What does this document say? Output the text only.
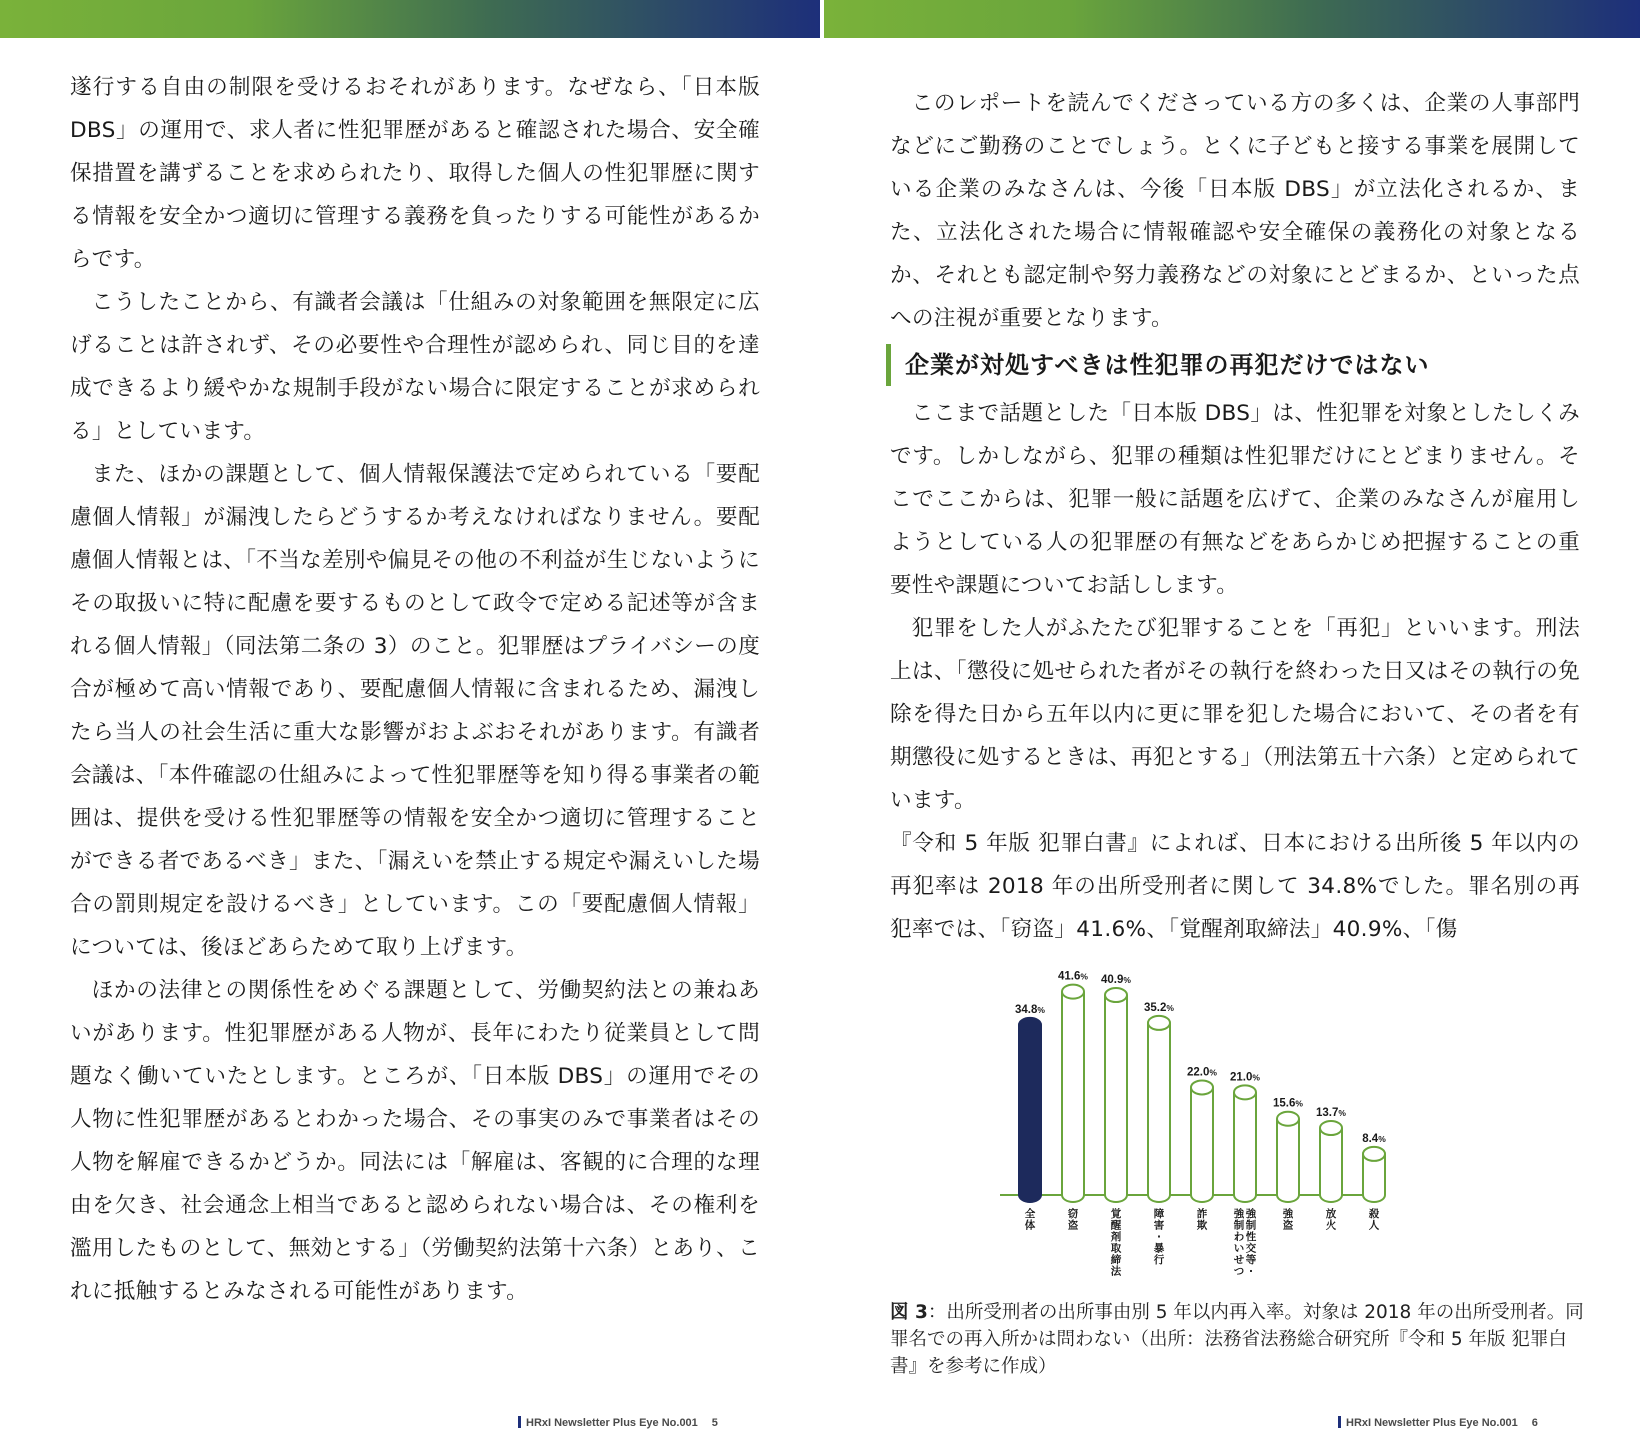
遂行する自由の制限を受けるおそれがあります。なぜなら、「日本版 DBS」の運用で、求人者に性犯罪歴があると確認された場合、安全確保措置を講ずることを求められたり、取得した個人の性犯罪歴に関する情報を安全かつ適切に管理する義務を負ったりする可能性があるからです。

こうしたことから、有識者会議は「仕組みの対象範囲を無限定に広げることは許されず、その必要性や合理性が認められ、同じ目的を達成できるより緩やかな規制手段がない場合に限定することが求められる」としています。

また、ほかの課題として、個人情報保護法で定められている「要配慮個人情報」が漏洩したらどうするか考えなければなりません。要配慮個人情報とは、「不当な差別や偏見その他の不利益が生じないようにその取扱いに特に配慮を要するものとして政令で定める記述等が含まれる個人情報」（同法第二条の 3）のこと。犯罪歴はプライバシーの度合が極めて高い情報であり、要配慮個人情報に含まれるため、漏洩したら当人の社会生活に重大な影響がおよぶおそれがあります。有識者会議は、「本件確認の仕組みによって性犯罪歴等を知り得る事業者の範囲は、提供を受ける性犯罪歴等の情報を安全かつ適切に管理することができる者であるべき」また、「漏えいを禁止する規定や漏えいした場合の罰則規定を設けるべき」としています。この「要配慮個人情報」については、後ほどあらためて取り上げます。

ほかの法律との関係性をめぐる課題として、労働契約法との兼ねあいがあります。性犯罪歴がある人物が、長年にわたり従業員として問題なく働いていたとします。ところが、「日本版 DBS」の運用でその人物に性犯罪歴があるとわかった場合、その事実のみで事業者はその人物を解雇できるかどうか。同法には「解雇は、客観的に合理的な理由を欠き、社会通念上相当であると認められない場合は、その権利を濫用したものとして、無効とする」（労働契約法第十六条）とあり、これに抵触するとみなされる可能性があります。

このレポートを読んでくださっている方の多くは、企業の人事部門などにご勤務のことでしょう。とくに子どもと接する事業を展開している企業のみなさんは、今後「日本版 DBS」が立法化されるか、また、立法化された場合に情報確認や安全確保の義務化の対象となるか、それとも認定制や努力義務などの対象にとどまるか、といった点への注視が重要となります。

企業が対処すべきは性犯罪の再犯だけではない

ここまで話題とした「日本版 DBS」は、性犯罪を対象としたしくみです。しかしながら、犯罪の種類は性犯罪だけにとどまりません。そこでここからは、犯罪一般に話題を広げて、企業のみなさんが雇用しようとしている人の犯罪歴の有無などをあらかじめ把握することの重要性や課題についてお話しします。

犯罪をした人がふたたび犯罪することを「再犯」といいます。刑法上は、「懲役に処せられた者がその執行を終わった日又はその執行の免除を得た日から五年以内に更に罪を犯した場合において、その者を有期懲役に処するときは、再犯とする」（刑法第五十六条）と定められています。

『令和 5 年版 犯罪白書』によれば、日本における出所後 5 年以内の再犯率は 2018 年の出所受刑者に関して 34.8%でした。罪名別の再犯率では、「窃盗」41.6%、「覚醒剤取締法」40.9%、「傷

34.8%
全
体
41.6%
窃
盗
40.9%
覚
醒
剤
取
締
法
35.2%
障
害
·
暴
行
22.0%
詐
欺
21.0%
強
制
わ
い
せ
つ
強
制
性
交
等
·
15.6%
強
盗
13.7%
放
火
8.4%
殺
人
図 3：出所受刑者の出所事由別 5 年以内再入率。対象は 2018 年の出所受刑者。同罪名での再入所かは問わない（出所：法務省法務総合研究所『令和 5 年版 犯罪白書』を参考に作成）
HRxI Newsletter Plus Eye No.001 5	HRxI Newsletter Plus Eye No.001 6
